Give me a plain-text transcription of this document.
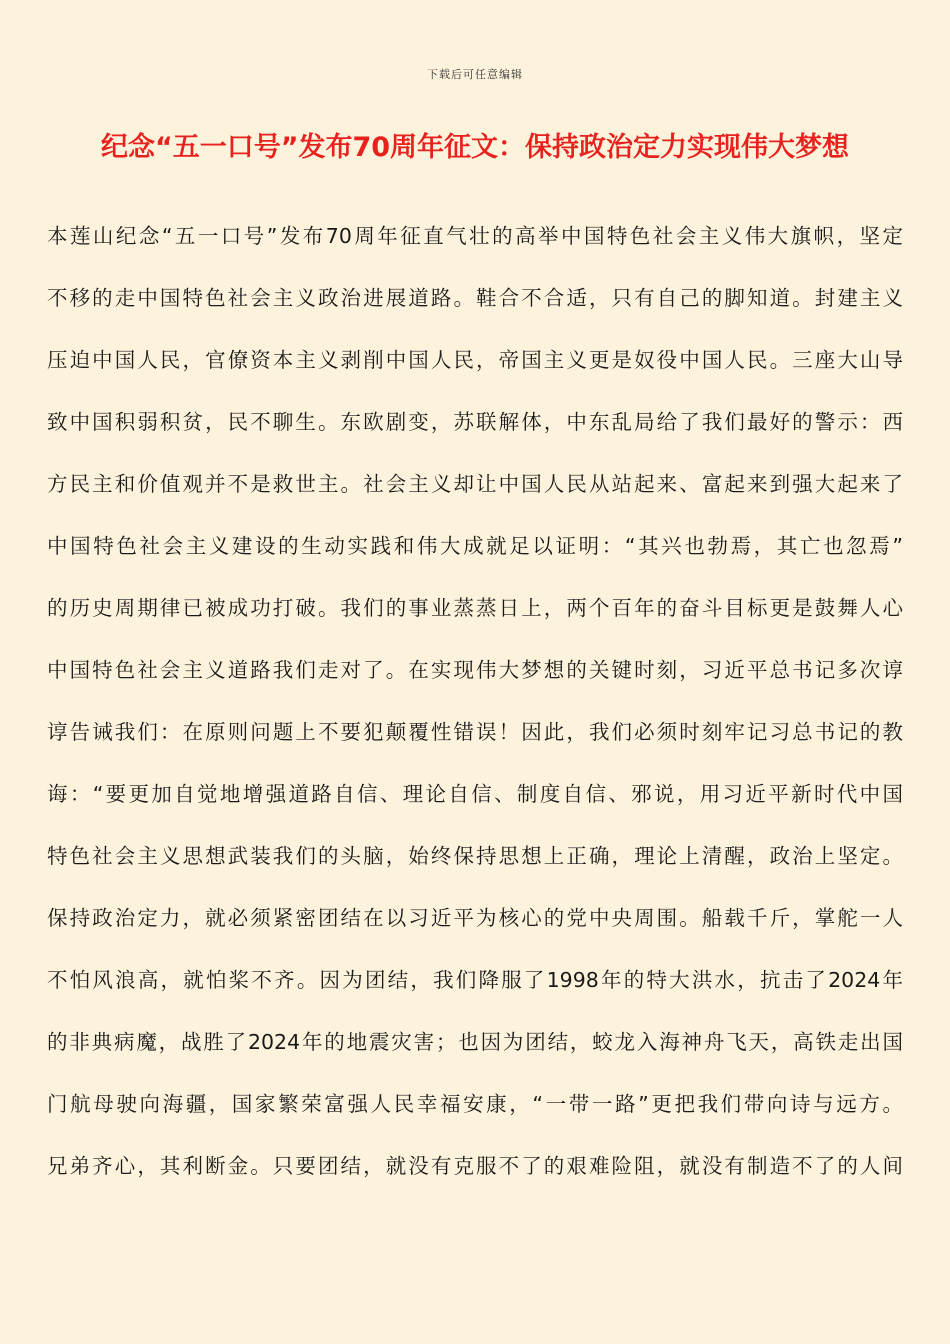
下载后可任意编辑
纪念“五一口号”发布70周年征文：保持政治定力实现伟大梦想
本莲山纪念“五一口号”发布70周年征直气壮的高举中国特色社会主义伟大旗帜，坚定
不移的走中国特色社会主义政治进展道路。鞋合不合适，只有自己的脚知道。封建主义
压迫中国人民，官僚资本主义剥削中国人民，帝国主义更是奴役中国人民。三座大山导
致中国积弱积贫，民不聊生。东欧剧变，苏联解体，中东乱局给了我们最好的警示：西
方民主和价值观并不是救世主。社会主义却让中国人民从站起来、富起来到强大起来了
中国特色社会主义建设的生动实践和伟大成就足以证明：“其兴也勃焉，其亡也忽焉”
的历史周期律已被成功打破。我们的事业蒸蒸日上，两个百年的奋斗目标更是鼓舞人心
中国特色社会主义道路我们走对了。在实现伟大梦想的关键时刻，习近平总书记多次谆
谆告诫我们：在原则问题上不要犯颠覆性错误！因此，我们必须时刻牢记习总书记的教
诲：“要更加自觉地增强道路自信、理论自信、制度自信、邪说，用习近平新时代中国
特色社会主义思想武装我们的头脑，始终保持思想上正确，理论上清醒，政治上坚定。
保持政治定力，就必须紧密团结在以习近平为核心的党中央周围。船载千斤，掌舵一人
不怕风浪高，就怕桨不齐。因为团结，我们降服了1998年的特大洪水，抗击了2024年
的非典病魔，战胜了2024年的地震灾害；也因为团结，蛟龙入海神舟飞天，高铁走出国
门航母驶向海疆，国家繁荣富强人民幸福安康，“一带一路”更把我们带向诗与远方。
兄弟齐心，其利断金。只要团结，就没有克服不了的艰难险阻，就没有制造不了的人间
